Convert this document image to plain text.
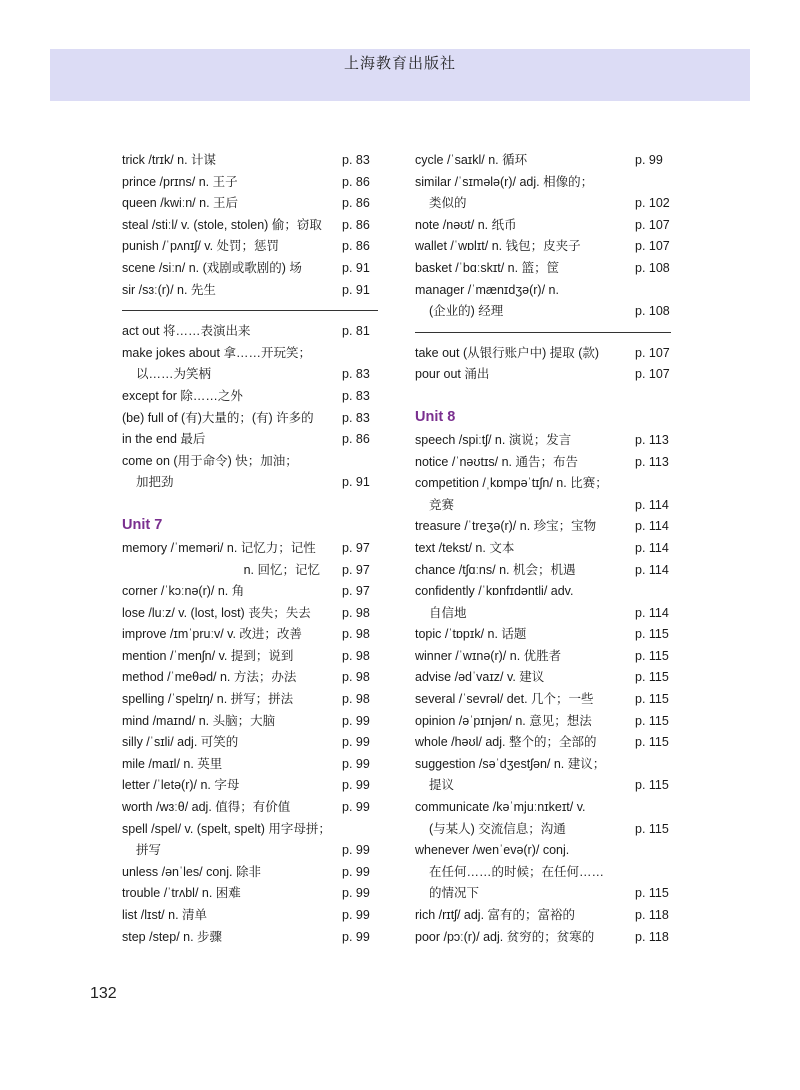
上海教育出版社
trick /trɪk/ n. 计谋	p. 83
prince /prɪns/ n. 王子	p. 86
queen /kwiːn/ n. 王后	p. 86
steal /stiːl/ v. (stole, stolen) 偷；窃取	p. 86
punish /ˈpʌnɪʃ/ v. 处罚；惩罚	p. 86
scene /siːn/ n. (戏剧或歌剧的) 场	p. 91
sir /sɜː(r)/ n. 先生	p. 91
act out 将……表演出来	p. 81
make jokes about 拿……开玩笑；
以……为笑柄	p. 83
except for 除……之外	p. 83
(be) full of (有)大量的；(有) 许多的	p. 83
in the end 最后	p. 86
come on (用于命令) 快；加油；
加把劲	p. 91
Unit 7
memory /ˈmeməri/ n. 记忆力；记性	p. 97
n. 回忆；记忆	p. 97
corner /ˈkɔːnə(r)/ n. 角	p. 97
lose /luːz/ v. (lost, lost) 丧失；失去	p. 98
improve /ɪmˈpruːv/ v. 改进；改善	p. 98
mention /ˈmenʃn/ v. 提到；说到	p. 98
method /ˈmeθəd/ n. 方法；办法	p. 98
spelling /ˈspelɪŋ/ n. 拼写；拼法	p. 98
mind /maɪnd/ n. 头脑；大脑	p. 99
silly /ˈsɪli/ adj. 可笑的	p. 99
mile /maɪl/ n. 英里	p. 99
letter /ˈletə(r)/ n. 字母	p. 99
worth /wɜːθ/ adj. 值得；有价值	p. 99
spell /spel/ v. (spelt, spelt) 用字母拼；
拼写	p. 99
unless /ənˈles/ conj. 除非	p. 99
trouble /ˈtrʌbl/ n. 困难	p. 99
list /lɪst/ n. 清单	p. 99
step /step/ n. 步骤	p. 99
cycle /ˈsaɪkl/ n. 循环	p. 99
similar /ˈsɪmələ(r)/ adj. 相像的；
类似的	p. 102
note /nəʊt/ n. 纸币	p. 107
wallet /ˈwɒlɪt/ n. 钱包；皮夹子	p. 107
basket /ˈbɑːskɪt/ n. 篮；筐	p. 108
manager /ˈmænɪdʒə(r)/ n.
(企业的) 经理	p. 108
take out (从银行账户中) 提取 (款)	p. 107
pour out 涌出	p. 107
Unit 8
speech /spiːtʃ/ n. 演说；发言	p. 113
notice /ˈnəʊtɪs/ n. 通告；布告	p. 113
competition /ˌkɒmpəˈtɪʃn/ n. 比赛；
竞赛	p. 114
treasure /ˈtreʒə(r)/ n. 珍宝；宝物	p. 114
text /tekst/ n. 文本	p. 114
chance /tʃɑːns/ n. 机会；机遇	p. 114
confidently /ˈkɒnfɪdəntli/ adv.
自信地	p. 114
topic /ˈtɒpɪk/ n. 话题	p. 115
winner /ˈwɪnə(r)/ n. 优胜者	p. 115
advise /ədˈvaɪz/ v. 建议	p. 115
several /ˈsevrəl/ det. 几个；一些	p. 115
opinion /əˈpɪnjən/ n. 意见；想法	p. 115
whole /həʊl/ adj. 整个的；全部的	p. 115
suggestion /səˈdʒestʃən/ n. 建议；
提议	p. 115
communicate /kəˈmjuːnɪkeɪt/ v.
(与某人) 交流信息；沟通	p. 115
whenever /wenˈevə(r)/ conj.
在任何……的时候；在任何……
的情况下	p. 115
rich /rɪtʃ/ adj. 富有的；富裕的	p. 118
poor /pɔː(r)/ adj. 贫穷的；贫寒的	p. 118
132
